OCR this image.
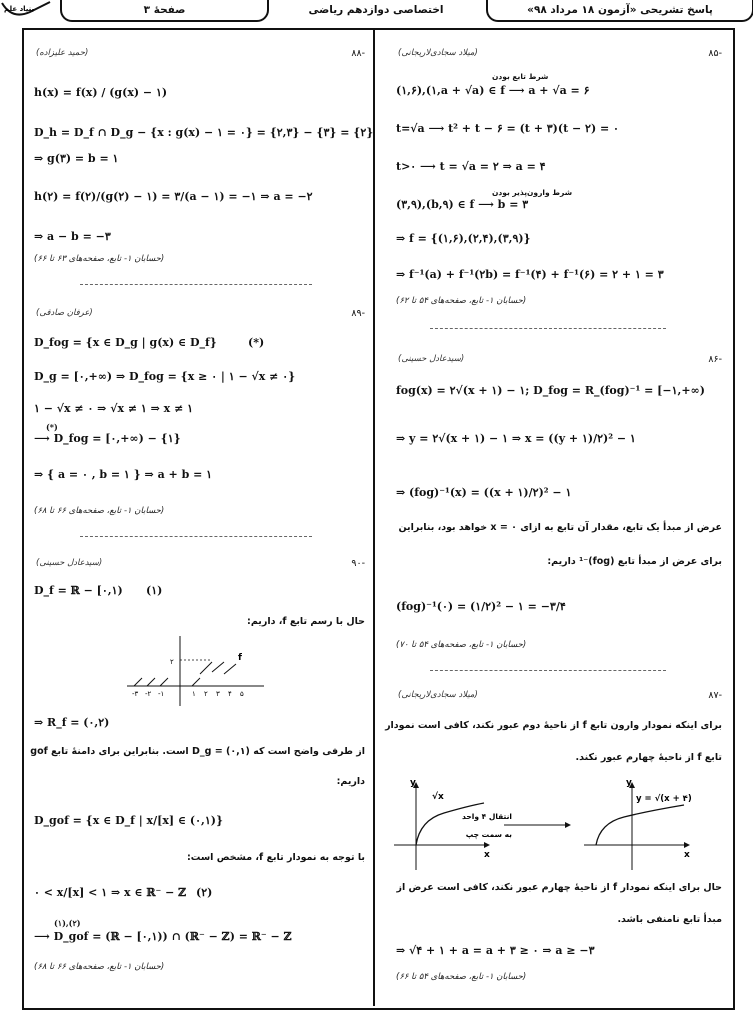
بنیاد علم	صفحهٔ ۳	اختصاصی دوازدهم ریاضی	پاسخ تشریحی «آزمون ۱۸ مرداد ۹۸»
-۸۵
(میلاد سجادی‌لاریجانی)
شرط تابع بودن
(۱,۶),(۱,a + √a) ∈ f ⟶ a + √a = ۶
t=√a ⟶ t² + t − ۶ = (t + ۳)(t − ۲) = ۰
t>۰ ⟶ t = √a = ۲ ⇒ a = ۴
شرط وارون‌پذیر بودن
(۳,۹),(b,۹) ∈ f ⟶ b = ۳
⇒ f = {(۱,۶),(۲,۴),(۳,۹)}
⇒ f⁻¹(a) + f⁻¹(۲b) = f⁻¹(۴) + f⁻¹(۶) = ۲ + ۱ = ۳
(حسابان ۱- تابع، صفحه‌های ۵۴ تا ۶۲)
-۸۶
(سیدعادل حسینی)
fog(x) = ۲√(x + ۱) − ۱; D_fog = R_(fog)⁻¹ = [−۱,+∞)
⇒ y = ۲√(x + ۱) − ۱ ⇒ x = ((y + ۱)/۲)² − ۱
⇒ (fog)⁻¹(x) = ((x + ۱)/۲)² − ۱
عرض از مبدأ یک تابع، مقدار آن تابع به ازای x = ۰ خواهد بود، بنابراین
برای عرض از مبدأ تابع (fog)⁻¹ داریم:
(fog)⁻¹(۰) = (۱/۲)² − ۱ = −۳/۴
(حسابان ۱- تابع، صفحه‌های ۵۴ تا ۷۰)
-۸۷
(میلاد سجادی‌لاریجانی)
برای اینکه نمودار وارون تابع f از ناحیهٔ دوم عبور نکند، کافی است نمودار
تابع f از ناحیهٔ چهارم عبور نکند.
y
x
√x
انتقال ۴ واحد
به سمت چپ
y
x
y = √(x + ۴)
حال برای اینکه نمودار f از ناحیهٔ چهارم عبور نکند، کافی است عرض از
مبدأ تابع نامنفی باشد.
⇒ √۴ + ۱ + a = a + ۳ ≥ ۰ ⇒ a ≥ −۳
(حسابان ۱- تابع، صفحه‌های ۵۴ تا ۶۶)
-۸۸
(حمید علیزاده)
h(x) = f(x) / (g(x) − ۱)
D_h = D_f ∩ D_g − {x : g(x) − ۱ = ۰} = {۲,۳} − {۳} = {۲}
⇒ g(۳) = b = ۱
h(۲) = f(۲)/(g(۲) − ۱) = ۳/(a − ۱) = −۱ ⇒ a = −۲
⇒ a − b = −۳
(حسابان ۱- تابع، صفحه‌های ۶۳ تا ۶۶)
-۸۹
(عرفان صادقی)
D_fog = {x ∈ D_g | g(x) ∈ D_f}	(*)
D_g = [۰,+∞) ⇒ D_fog = {x ≥ ۰ | ۱ − √x ≠ ۰}
۱ − √x ≠ ۰ ⇒ √x ≠ ۱ ⇒ x ≠ ۱
(*)
⟶ D_fog = [۰,+∞) − {۱}
⇒ { a = ۰ , b = ۱ } ⇒ a + b = ۱
(حسابان ۱- تابع، صفحه‌های ۶۶ تا ۶۸)
-۹۰
(سیدعادل حسینی)
D_f = ℝ − [۰,۱) (۱)
حال با رسم تابع f، داریم:
f
۲
-۳ -۲ -۱	۱ ۲ ۳ ۴ ۵
⇒ R_f = (۰,۲)
از طرفی واضح است که D_g = (۰,۱) است. بنابراین برای دامنهٔ تابع gof
داریم:
D_gof = {x ∈ D_f | x/[x] ∈ (۰,۱)}
با توجه به نمودار تابع f، مشخص است:
۰ < x/[x] < ۱ ⇒ x ∈ ℝ⁻ − ℤ (۲)
(۱),(۲)
⟶ D_gof = (ℝ − [۰,۱)) ∩ (ℝ⁻ − ℤ) = ℝ⁻ − ℤ
(حسابان ۱- تابع، صفحه‌های ۶۶ تا ۶۸)
